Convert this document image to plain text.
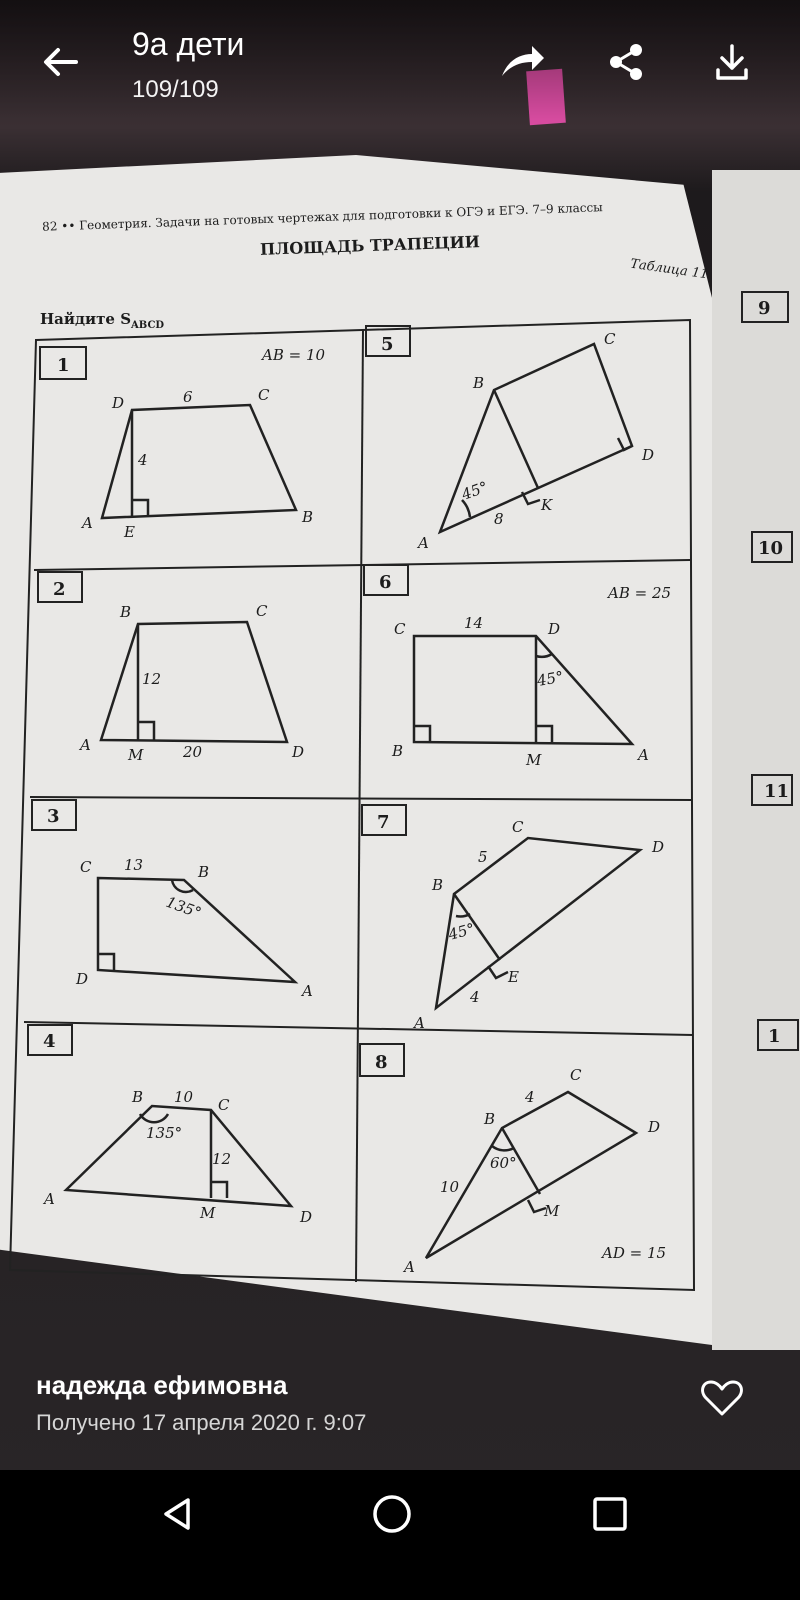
82 •• Геометрия. Задачи на готовых чертежах для подготовки к ОГЭ и ЕГЭ. 7–9 классы
ПЛОЩАДЬ ТРАПЕЦИИ
Таблица 11
Найдите $S_{ABCD}$
1
5
2	6
3	7
4
8
9
10
11
1
AB = 10
D	C
6
4
A E
B
B	C
12
A
M	20	D
C 13	B
135°
D
A
B 10 C
135°
12
A
M	D
B
C
D
K
A
45°
8
AB = 25
C	14	D
45°
B	M	A
C
D
5
B
45°
E
4
A
C
4
D
B
60°
10
M
A
AD = 15
9а дети
109/109
надежда ефимовна
Получено 17 апреля 2020 г. 9:07
